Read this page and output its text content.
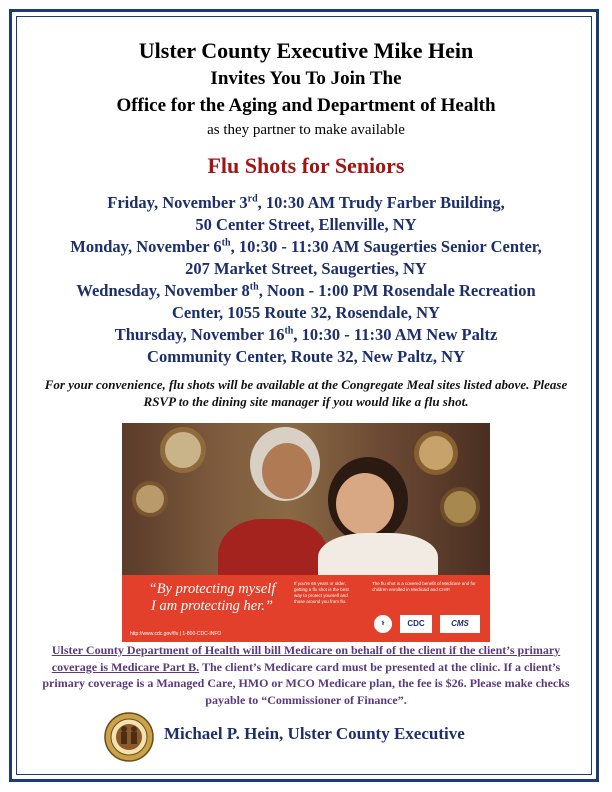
Ulster County Executive Mike Hein
Invites You To Join The
Office for the Aging and Department of Health
as they partner to make available
Flu Shots for Seniors
Friday, November 3rd, 10:30 AM Trudy Farber Building,
50 Center Street, Ellenville, NY
Monday, November 6th, 10:30 - 11:30 AM Saugerties Senior Center,
207 Market Street, Saugerties, NY
Wednesday, November 8th, Noon - 1:00 PM Rosendale Recreation
Center, 1055 Route 32, Rosendale, NY
Thursday, November 16th, 10:30 - 11:30 AM New Paltz
Community Center, Route 32, New Paltz, NY
For your convenience, flu shots will be available at the Congregate Meal sites listed above. Please RSVP to the dining site manager if you would like a flu shot.
“By protecting myself
I am protecting her.”
If you're 65 years or older, getting a flu shot is the best way to protect yourself and those around you from flu.
The flu shot is a covered benefit of Medicare and for children enrolled in Medicaid and CHIP.
http://www.cdc.gov/flu | 1-800-CDC-INFO
⚕	CDC	CMS
Ulster County Department of Health will bill Medicare on behalf of the client if the client’s primary coverage is Medicare Part B. The client’s Medicare card must be presented at the clinic. If a client’s primary coverage is a Managed Care, HMO or MCO Medicare plan, the fee is $26. Please make checks payable to “Commissioner of Finance”.
Michael P. Hein, Ulster County Executive
